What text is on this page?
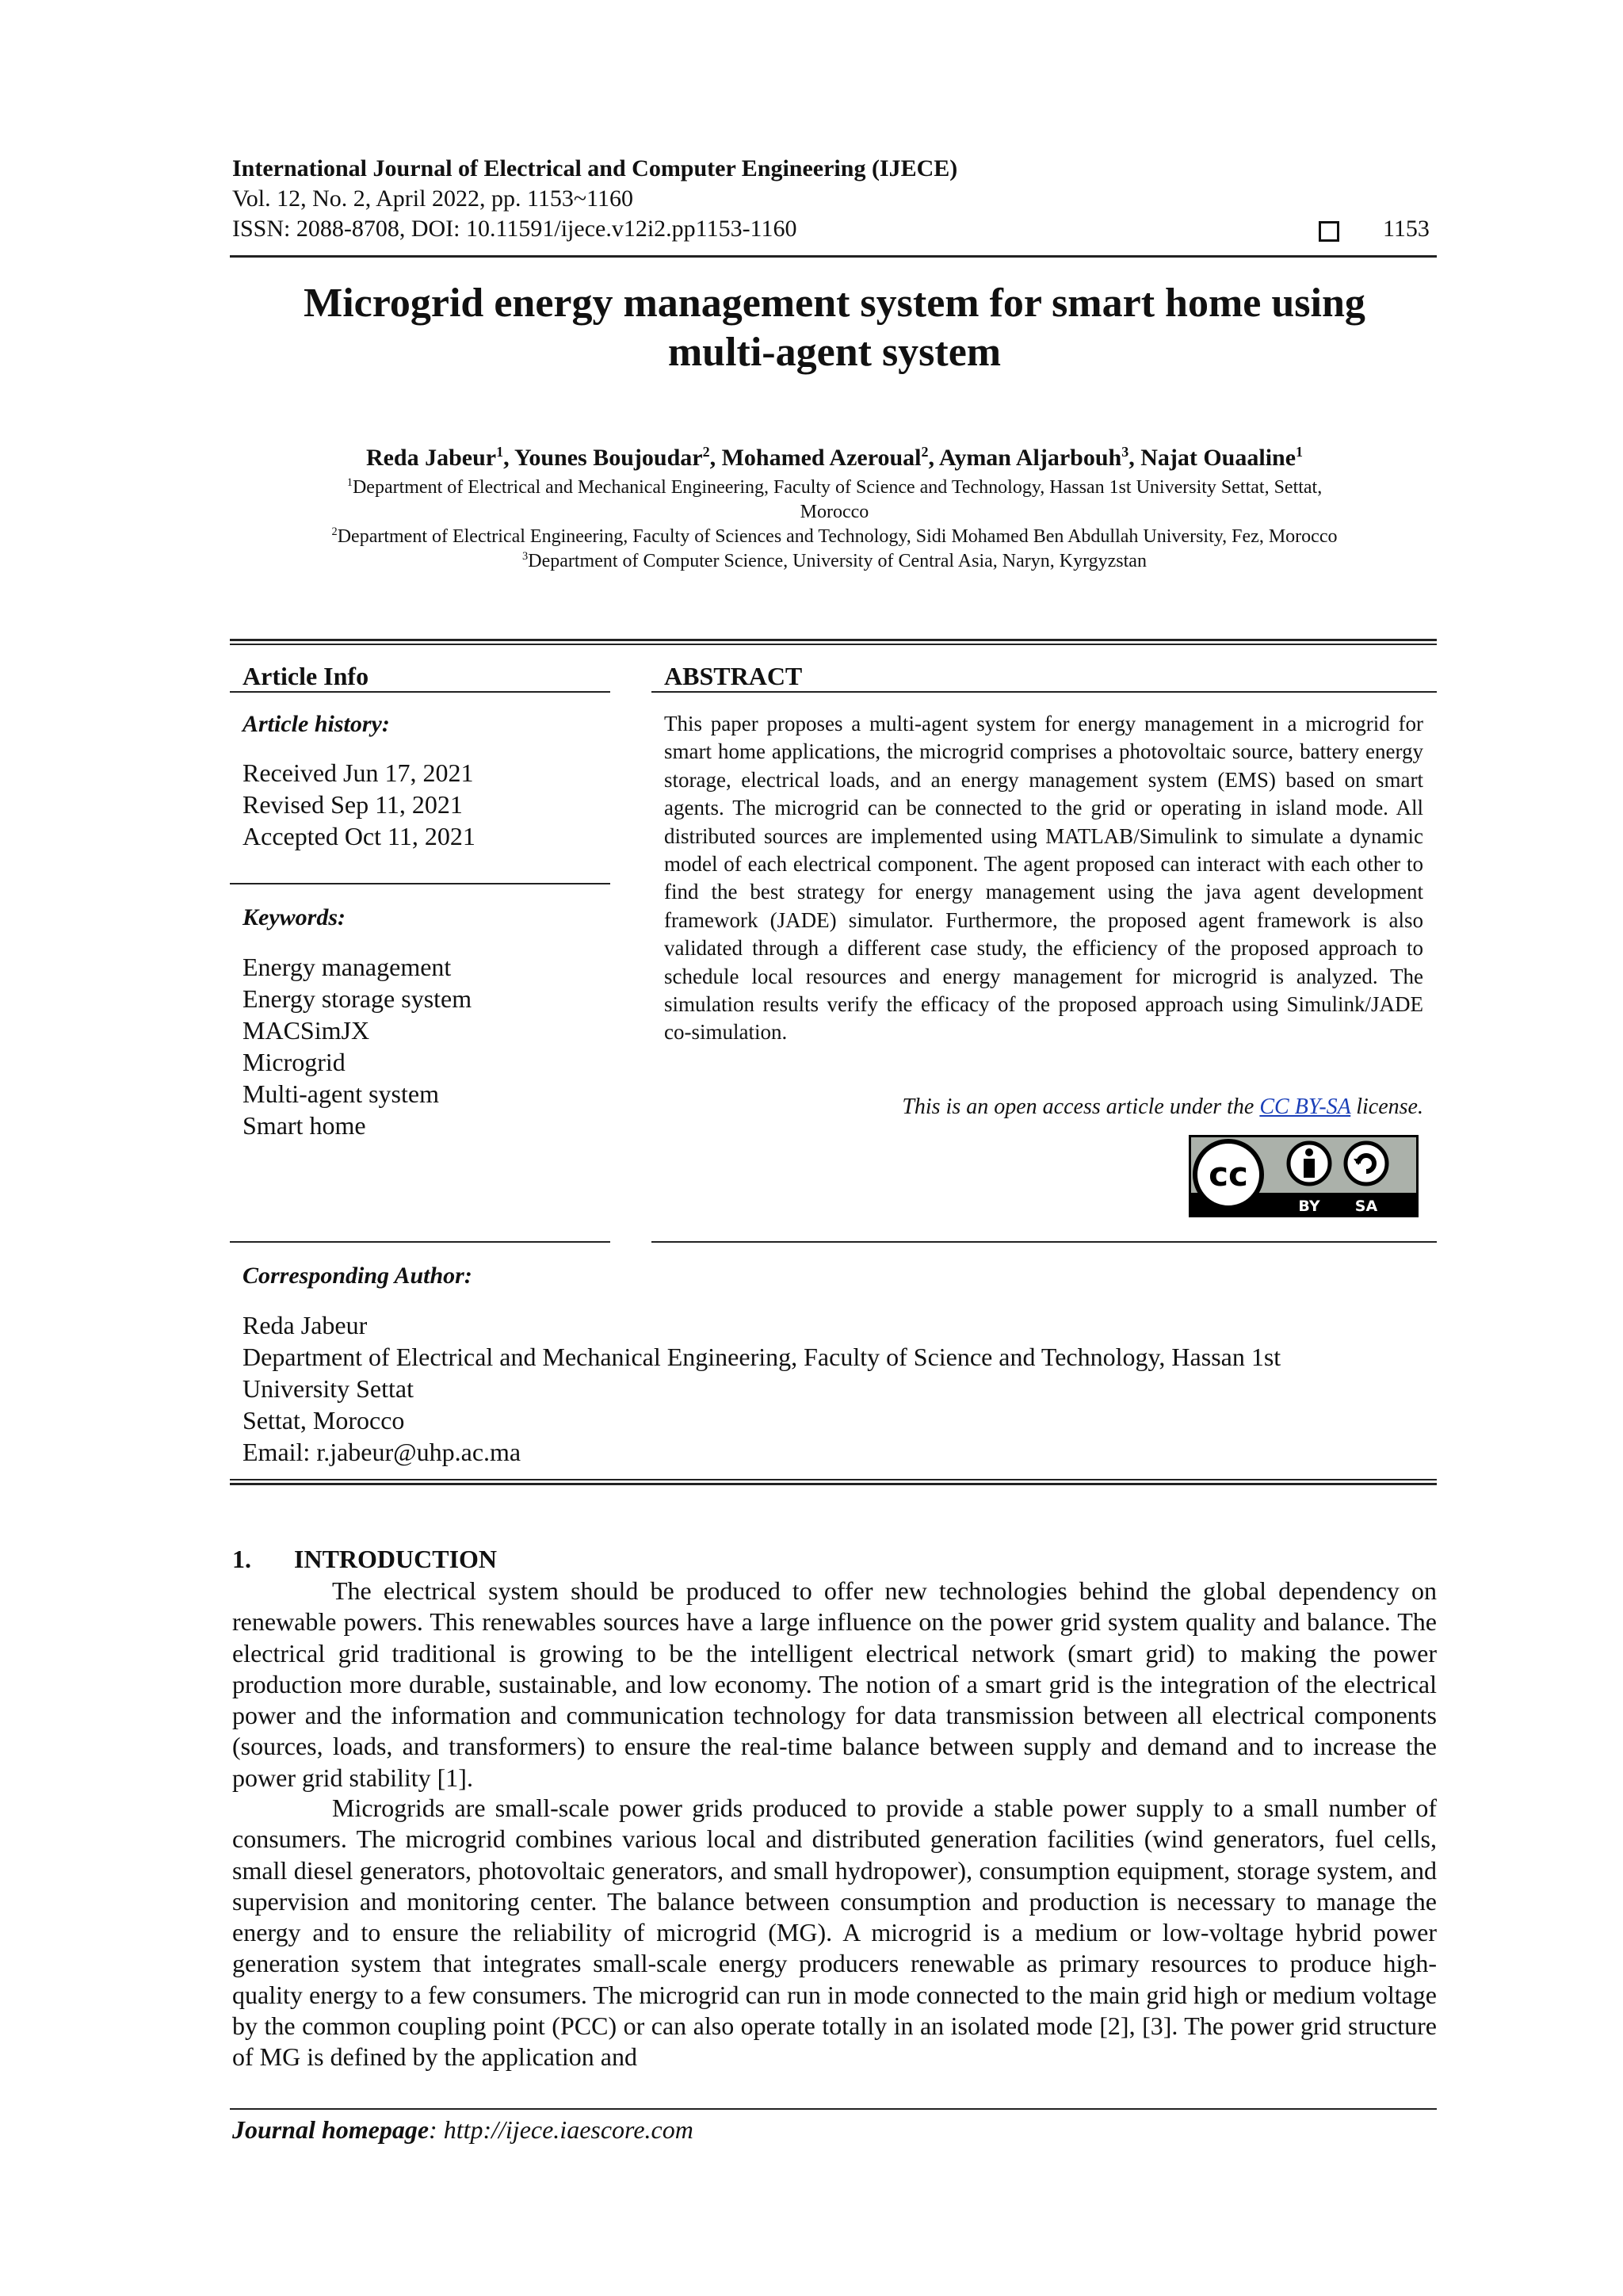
International Journal of Electrical and Computer Engineering (IJECE)
Vol. 12, No. 2, April 2022, pp. 1153~1160
ISSN: 2088-8708, DOI: 10.11591/ijece.v12i2.pp1153-1160	1153
Microgrid energy management system for smart home using
multi-agent system
Reda Jabeur$^1$, Younes Boujoudar$^2$, Mohamed Azeroual$^2$, Ayman Aljarbouh$^3$, Najat Ouaaline$^1$
$^1$Department of Electrical and Mechanical Engineering, Faculty of Science and Technology, Hassan 1st University Settat, Settat,
Morocco
$^2$Department of Electrical Engineering, Faculty of Sciences and Technology, Sidi Mohamed Ben Abdullah University, Fez, Morocco
$^3$Department of Computer Science, University of Central Asia, Naryn, Kyrgyzstan
Article Info
Article history:
Received Jun 17, 2021
Revised Sep 11, 2021
Accepted Oct 11, 2021
Keywords:
Energy management
Energy storage system
MACSimJX
Microgrid
Multi-agent system
Smart home
ABSTRACT
This paper proposes a multi-agent system for energy management in a microgrid for smart home applications, the microgrid comprises a photovoltaic source, battery energy storage, electrical loads, and an energy management system (EMS) based on smart agents. The microgrid can be connected to the grid or operating in island mode. All distributed sources are implemented using MATLAB/Simulink to simulate a dynamic model of each electrical component. The agent proposed can interact with each other to find the best strategy for energy management using the java agent development framework (JADE) simulator. Furthermore, the proposed agent framework is also validated through a different case study, the efficiency of the proposed approach to schedule local resources and energy management for microgrid is analyzed. The simulation results verify the efficacy of the proposed approach using Simulink/JADE co-simulation.
This is an open access article under the CC BY-SA license.
cc
BY SA
Corresponding Author:
Reda Jabeur
Department of Electrical and Mechanical Engineering, Faculty of Science and Technology, Hassan 1st
University Settat
Settat, Morocco
Email: r.jabeur@uhp.ac.ma
1. INTRODUCTION
The electrical system should be produced to offer new technologies behind the global dependency on renewable powers. This renewables sources have a large influence on the power grid system quality and balance. The electrical grid traditional is growing to be the intelligent electrical network (smart grid) to making the power production more durable, sustainable, and low economy. The notion of a smart grid is the integration of the electrical power and the information and communication technology for data transmission between all electrical components (sources, loads, and transformers) to ensure the real-time balance between supply and demand and to increase the power grid stability [1].
Microgrids are small-scale power grids produced to provide a stable power supply to a small number of consumers. The microgrid combines various local and distributed generation facilities (wind generators, fuel cells, small diesel generators, photovoltaic generators, and small hydropower), consumption equipment, storage system, and supervision and monitoring center. The balance between consumption and production is necessary to manage the energy and to ensure the reliability of microgrid (MG). A microgrid is a medium or low-voltage hybrid power generation system that integrates small-scale energy producers renewable as primary resources to produce high-quality energy to a few consumers. The microgrid can run in mode connected to the main grid high or medium voltage by the common coupling point (PCC) or can also operate totally in an isolated mode [2], [3]. The power grid structure of MG is defined by the application and
Journal homepage: http://ijece.iaescore.com
